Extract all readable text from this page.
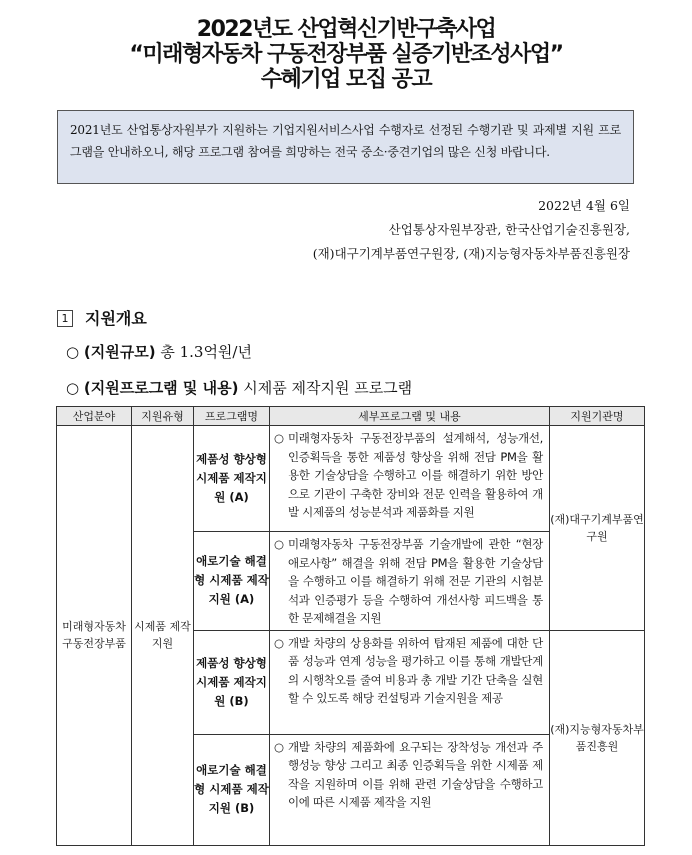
2022년도 산업혁신기반구축사업
“미래형자동차 구동전장부품 실증기반조성사업”
수혜기업 모집 공고
2021년도 산업통상자원부가 지원하는 기업지원서비스사업 수행자로 선정된 수행기관 및 과제별 지원 프로그램을 안내하오니, 해당 프로그램 참여를 희망하는 전국 중소·중견기업의 많은 신청 바랍니다.
2022년 4월 6일
산업통상자원부장관, 한국산업기술진흥원장,
(재)대구기계부품연구원장, (재)지능형자동차부품진흥원장
1 지원개요
○ (지원규모) 총 1.3억원/년
○ (지원프로그램 및 내용) 시제품 제작지원 프로그램
산업분야	지원유형	프로그램명	세부프로그램 및 내용	지원기관명
미래형자동차 구동전장부품	시제품 제작지원	제품성 향상형 시제품 제작지원 (A)	○ 미래형자동차 구동전장부품의 설계해석, 성능개선, 인증획득을 통한 제품성 향상을 위해 전담 PM을 활용한 기술상담을 수행하고 이를 해결하기 위한 방안으로 기관이 구축한 장비와 전문 인력을 활용하여 개발 시제품의 성능분석과 제품화를 지원	(재)대구기계부품연구원
		애로기술 해결형 시제품 제작지원 (A)	○ 미래형자동차 구동전장부품 기술개발에 관한 “현장 애로사항” 해결을 위해 전담 PM을 활용한 기술상담을 수행하고 이를 해결하기 위해 전문 기관의 시험분석과 인증평가 등을 수행하여 개선사항 피드백을 통한 문제해결을 지원	

		제품성 향상형 시제품 제작지원 (B)	○ 개발 차량의 상용화를 위하여 탑재된 제품에 대한 단품 성능과 연계 성능을 평가하고 이를 통해 개발단계의 시행착오를 줄여 비용과 총 개발 기간 단축을 실현할 수 있도록 해당 컨설팅과 기술지원을 제공	(재)지능형자동차부품진흥원
		애로기술 해결형 시제품 제작지원 (B)	○ 개발 차량의 제품화에 요구되는 장착성능 개선과 주행성능 향상 그리고 최종 인증획득을 위한 시제품 제작을 지원하며 이를 위해 관련 기술상담을 수행하고 이에 따른 시제품 제작을 지원	
